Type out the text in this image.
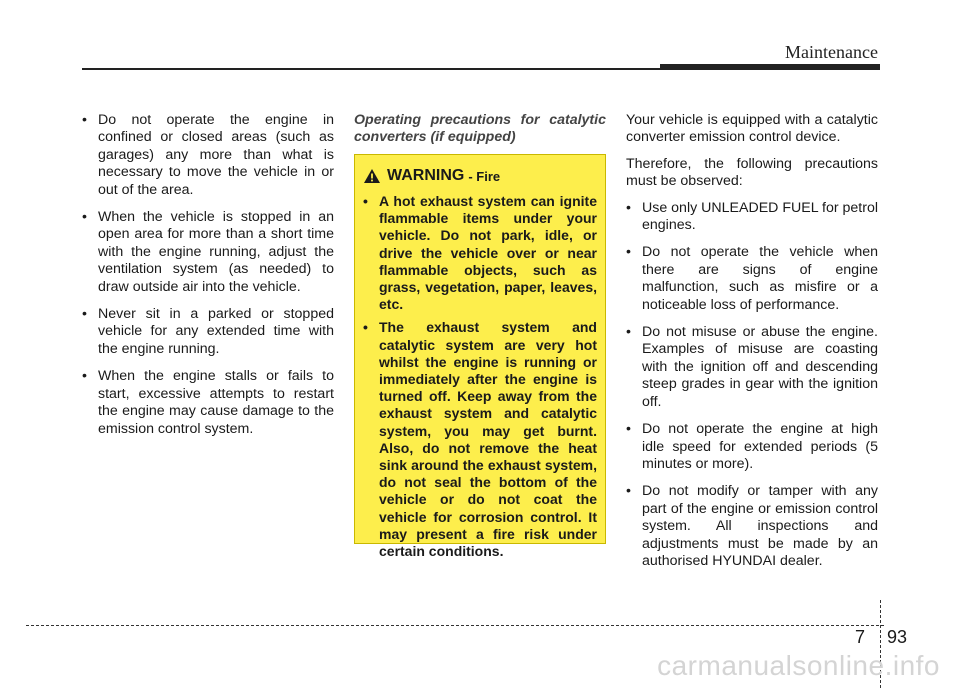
Maintenance
• Do not operate the engine in confined or closed areas (such as garages) any more than what is necessary to move the vehicle in or out of the area.
• When the vehicle is stopped in an open area for more than a short time with the engine running, adjust the ventilation system (as needed) to draw outside air into the vehicle.
• Never sit in a parked or stopped vehicle for any extended time with the engine running.
• When the engine stalls or fails to start, excessive attempts to restart the engine may cause damage to the emission control system.
Operating precautions for catalytic converters (if equipped)
WARNING - Fire
• A hot exhaust system can ignite flammable items under your vehicle. Do not park, idle, or drive the vehicle over or near flammable objects, such as grass, vegetation, paper, leaves, etc.
• The exhaust system and catalytic system are very hot whilst the engine is running or immediately after the engine is turned off. Keep away from the exhaust system and catalytic system, you may get burnt. Also, do not remove the heat sink around the exhaust system, do not seal the bottom of the vehicle or do not coat the vehicle for corrosion control. It may present a fire risk under certain conditions.

Your vehicle is equipped with a catalytic converter emission control device.

Therefore, the following precautions must be observed:

• Use only UNLEADED FUEL for petrol engines.
• Do not operate the vehicle when there are signs of engine malfunction, such as misfire or a noticeable loss of performance.
• Do not misuse or abuse the engine. Examples of misuse are coasting with the ignition off and descending steep grades in gear with the ignition off.
• Do not operate the engine at high idle speed for extended periods (5 minutes or more).
• Do not modify or tamper with any part of the engine or emission control system. All inspections and adjustments must be made by an authorised HYUNDAI dealer.
7 93
carmanualsonline.info
